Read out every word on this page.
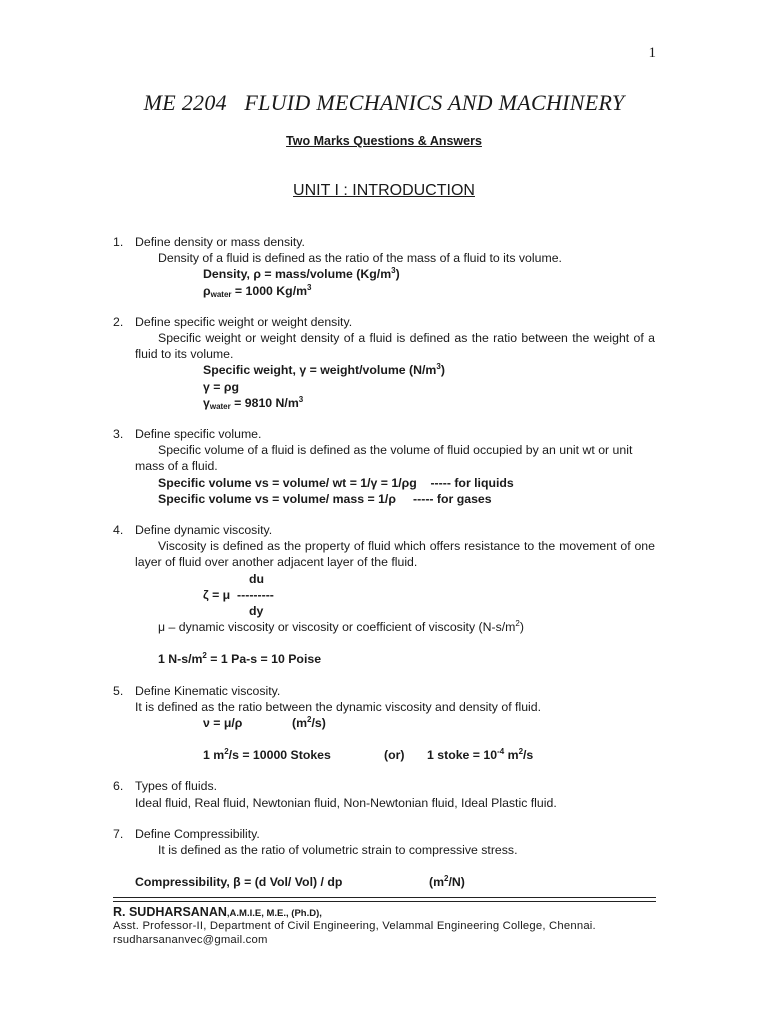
1
ME 2204   FLUID MECHANICS AND MACHINERY
Two Marks Questions & Answers
UNIT I : INTRODUCTION
1. Define density or mass density.
Density of a fluid is defined as the ratio of the mass of a fluid to its volume.
Density, ρ = mass/volume $(Kg/m^3)$
$\rho_{water} = 1000$ $Kg/m^3$
2. Define specific weight or weight density.
Specific weight or weight density of a fluid is defined as the ratio between the weight of a fluid to its volume.
Specific weight, γ = weight/volume $(N/m^3)$
γ = ρg
$\gamma_{water} = 9810$ $N/m^3$
3. Define specific volume.
Specific volume of a fluid is defined as the volume of fluid occupied by an unit wt or unit mass of a fluid.
Specific volume vs = volume/ wt = 1/γ = 1/ρg    ----- for liquids
Specific volume vs = volume/ mass = 1/ρ     ----- for gases
4. Define dynamic viscosity.
Viscosity is defined as the property of fluid which offers resistance to the movement of one layer of fluid over another adjacent layer of the fluid.
du
ζ = μ  ---------
dy
μ – dynamic viscosity or viscosity or coefficient of viscosity $(N-s/m^2)$
1 $N-s/m^2 = 1$ Pa-s = 10 Poise
5. Define Kinematic viscosity.
It is defined as the ratio between the dynamic viscosity and density of fluid.
ν = μ/ρ	$(m^2/s)$
1 $m^2/s = 10000$ Stokes	(or)	1 stoke = $10^{-4}$ $m^2/s$
6. Types of fluids.
Ideal fluid, Real fluid, Newtonian fluid, Non-Newtonian fluid, Ideal Plastic fluid.
7. Define Compressibility.
It is defined as the ratio of volumetric strain to compressive stress.
Compressibility, β = (d Vol/ Vol) / dp	$(m^2/N)$
R. SUDHARSANAN,A.M.I.E, M.E., (Ph.D),
Asst. Professor-II, Department of Civil Engineering, Velammal Engineering College, Chennai.
rsudharsananvec@gmail.com
